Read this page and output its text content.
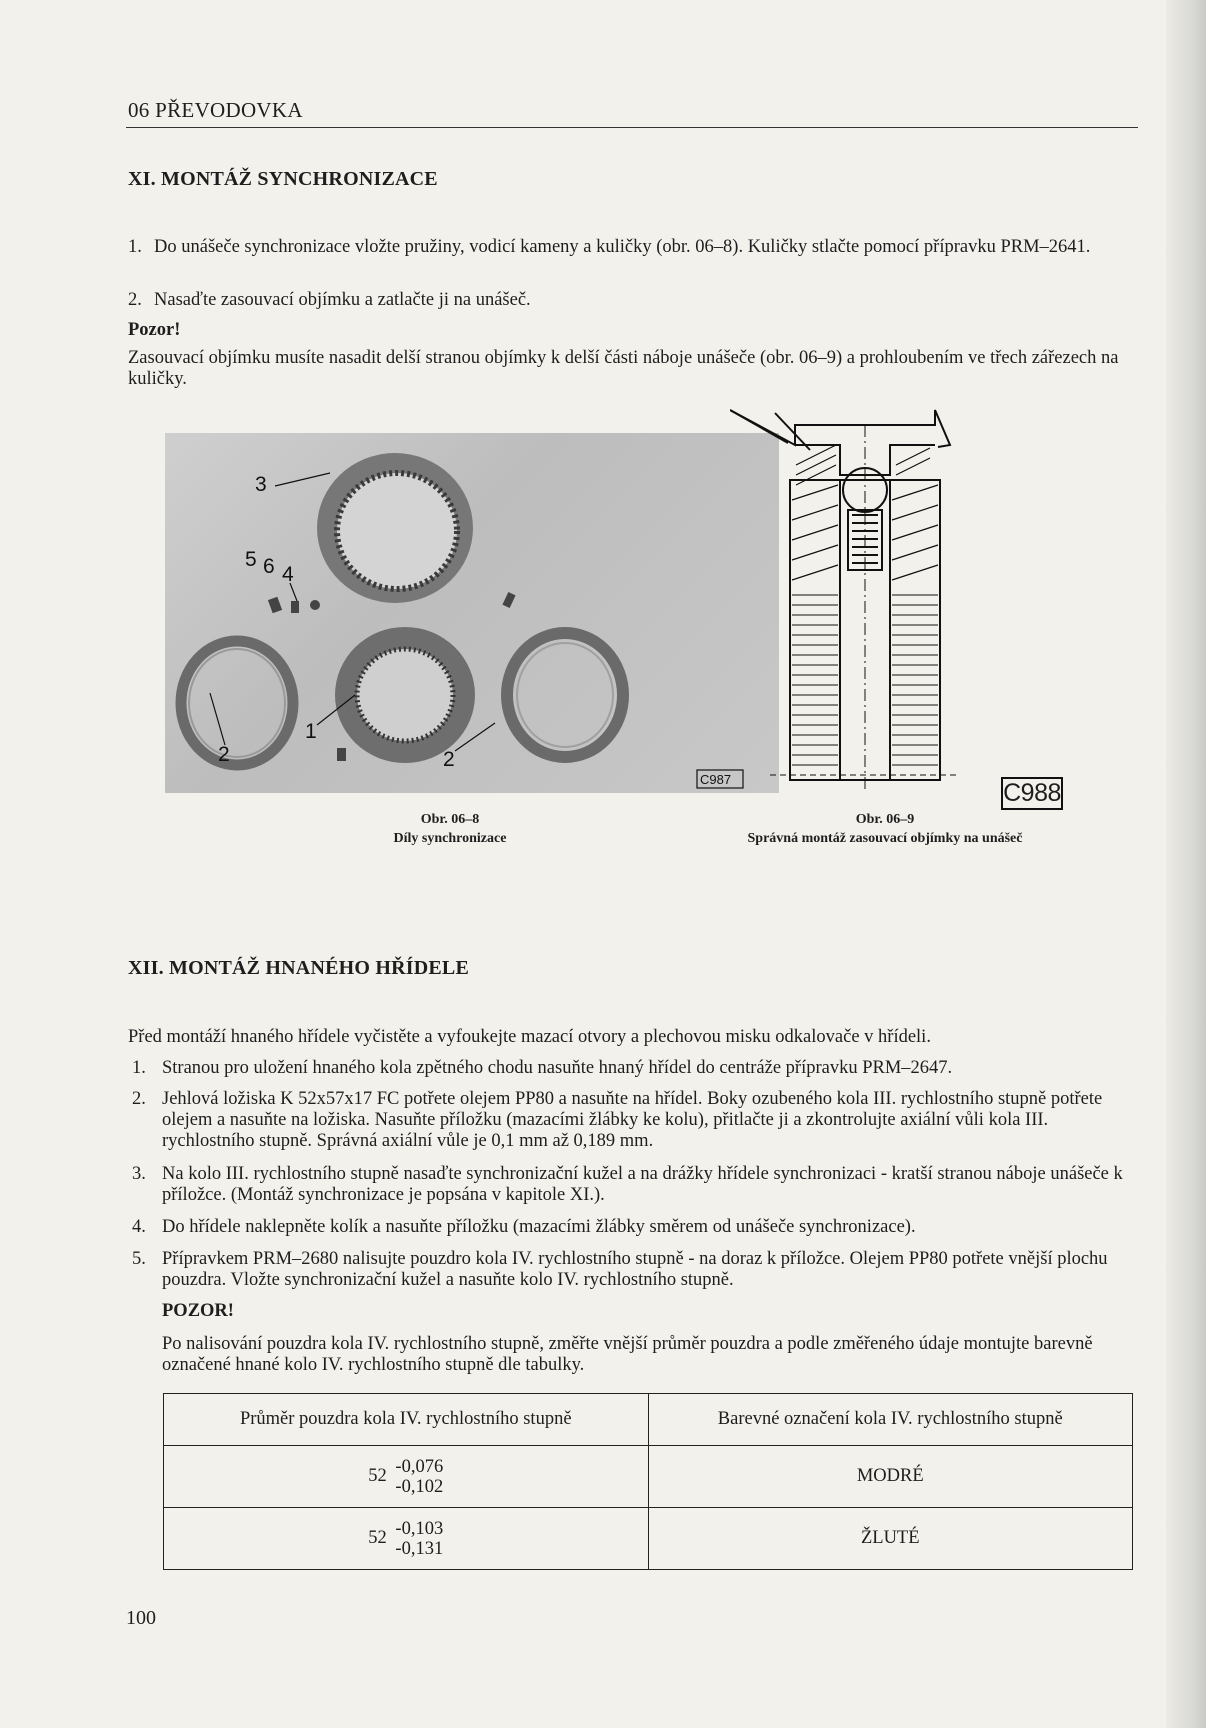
06 PŘEVODOVKA
XI. MONTÁŽ SYNCHRONIZACE
1. Do unášeče synchronizace vložte pružiny, vodicí kameny a kuličky (obr. 06–8). Kuličky stlačte pomocí přípravku PRM–2641.
2. Nasaďte zasouvací objímku a zatlačte ji na unášeč.

Pozor!

Zasouvací objímku musíte nasadit delší stranou objímky k delší části náboje unášeče (obr. 06–9) a prohloubením ve třech zářezech na kuličky.

3
5 6 4
1
2	2
C987
Obr. 06–8
Díly synchronizace
C988
Obr. 06–9
Správná montáž zasouvací objímky na unášeč
XII. MONTÁŽ HNANÉHO HŘÍDELE

Před montáží hnaného hřídele vyčistěte a vyfoukejte mazací otvory a plechovou misku odkalovače v hřídeli.

1. Stranou pro uložení hnaného kola zpětného chodu nasuňte hnaný hřídel do centráže přípravku PRM–2647.
2. Jehlová ložiska K 52x57x17 FC potřete olejem PP80 a nasuňte na hřídel. Boky ozubeného kola III. rychlostního stupně potřete olejem a nasuňte na ložiska. Nasuňte příložku (mazacími žlábky ke kolu), přitlačte ji a zkontrolujte axiální vůli kola III. rychlostního stupně. Správná axiální vůle je 0,1 mm až 0,189 mm.
3. Na kolo III. rychlostního stupně nasaďte synchronizační kužel a na drážky hřídele synchronizaci - kratší stranou náboje unášeče k příložce. (Montáž synchronizace je popsána v kapitole XI.).
4. Do hřídele naklepněte kolík a nasuňte příložku (mazacími žlábky směrem od unášeče synchronizace).
5. Přípravkem PRM–2680 nalisujte pouzdro kola IV. rychlostního stupně - na doraz k příložce. Olejem PP80 potřete vnější plochu pouzdra. Vložte synchronizační kužel a nasuňte kolo IV. rychlostního stupně.

POZOR!

Po nalisování pouzdra kola IV. rychlostního stupně, změřte vnější průměr pouzdra a podle změřeného údaje montujte barevně označené hnané kolo IV. rychlostního stupně dle tabulky.

Průměr pouzdra kola IV. rychlostního stupně	Barevné označení kola IV. rychlostního stupně
52 -0,076
-0,102	MODRÉ
52 -0,103
-0,131	ŽLUTÉ
100
